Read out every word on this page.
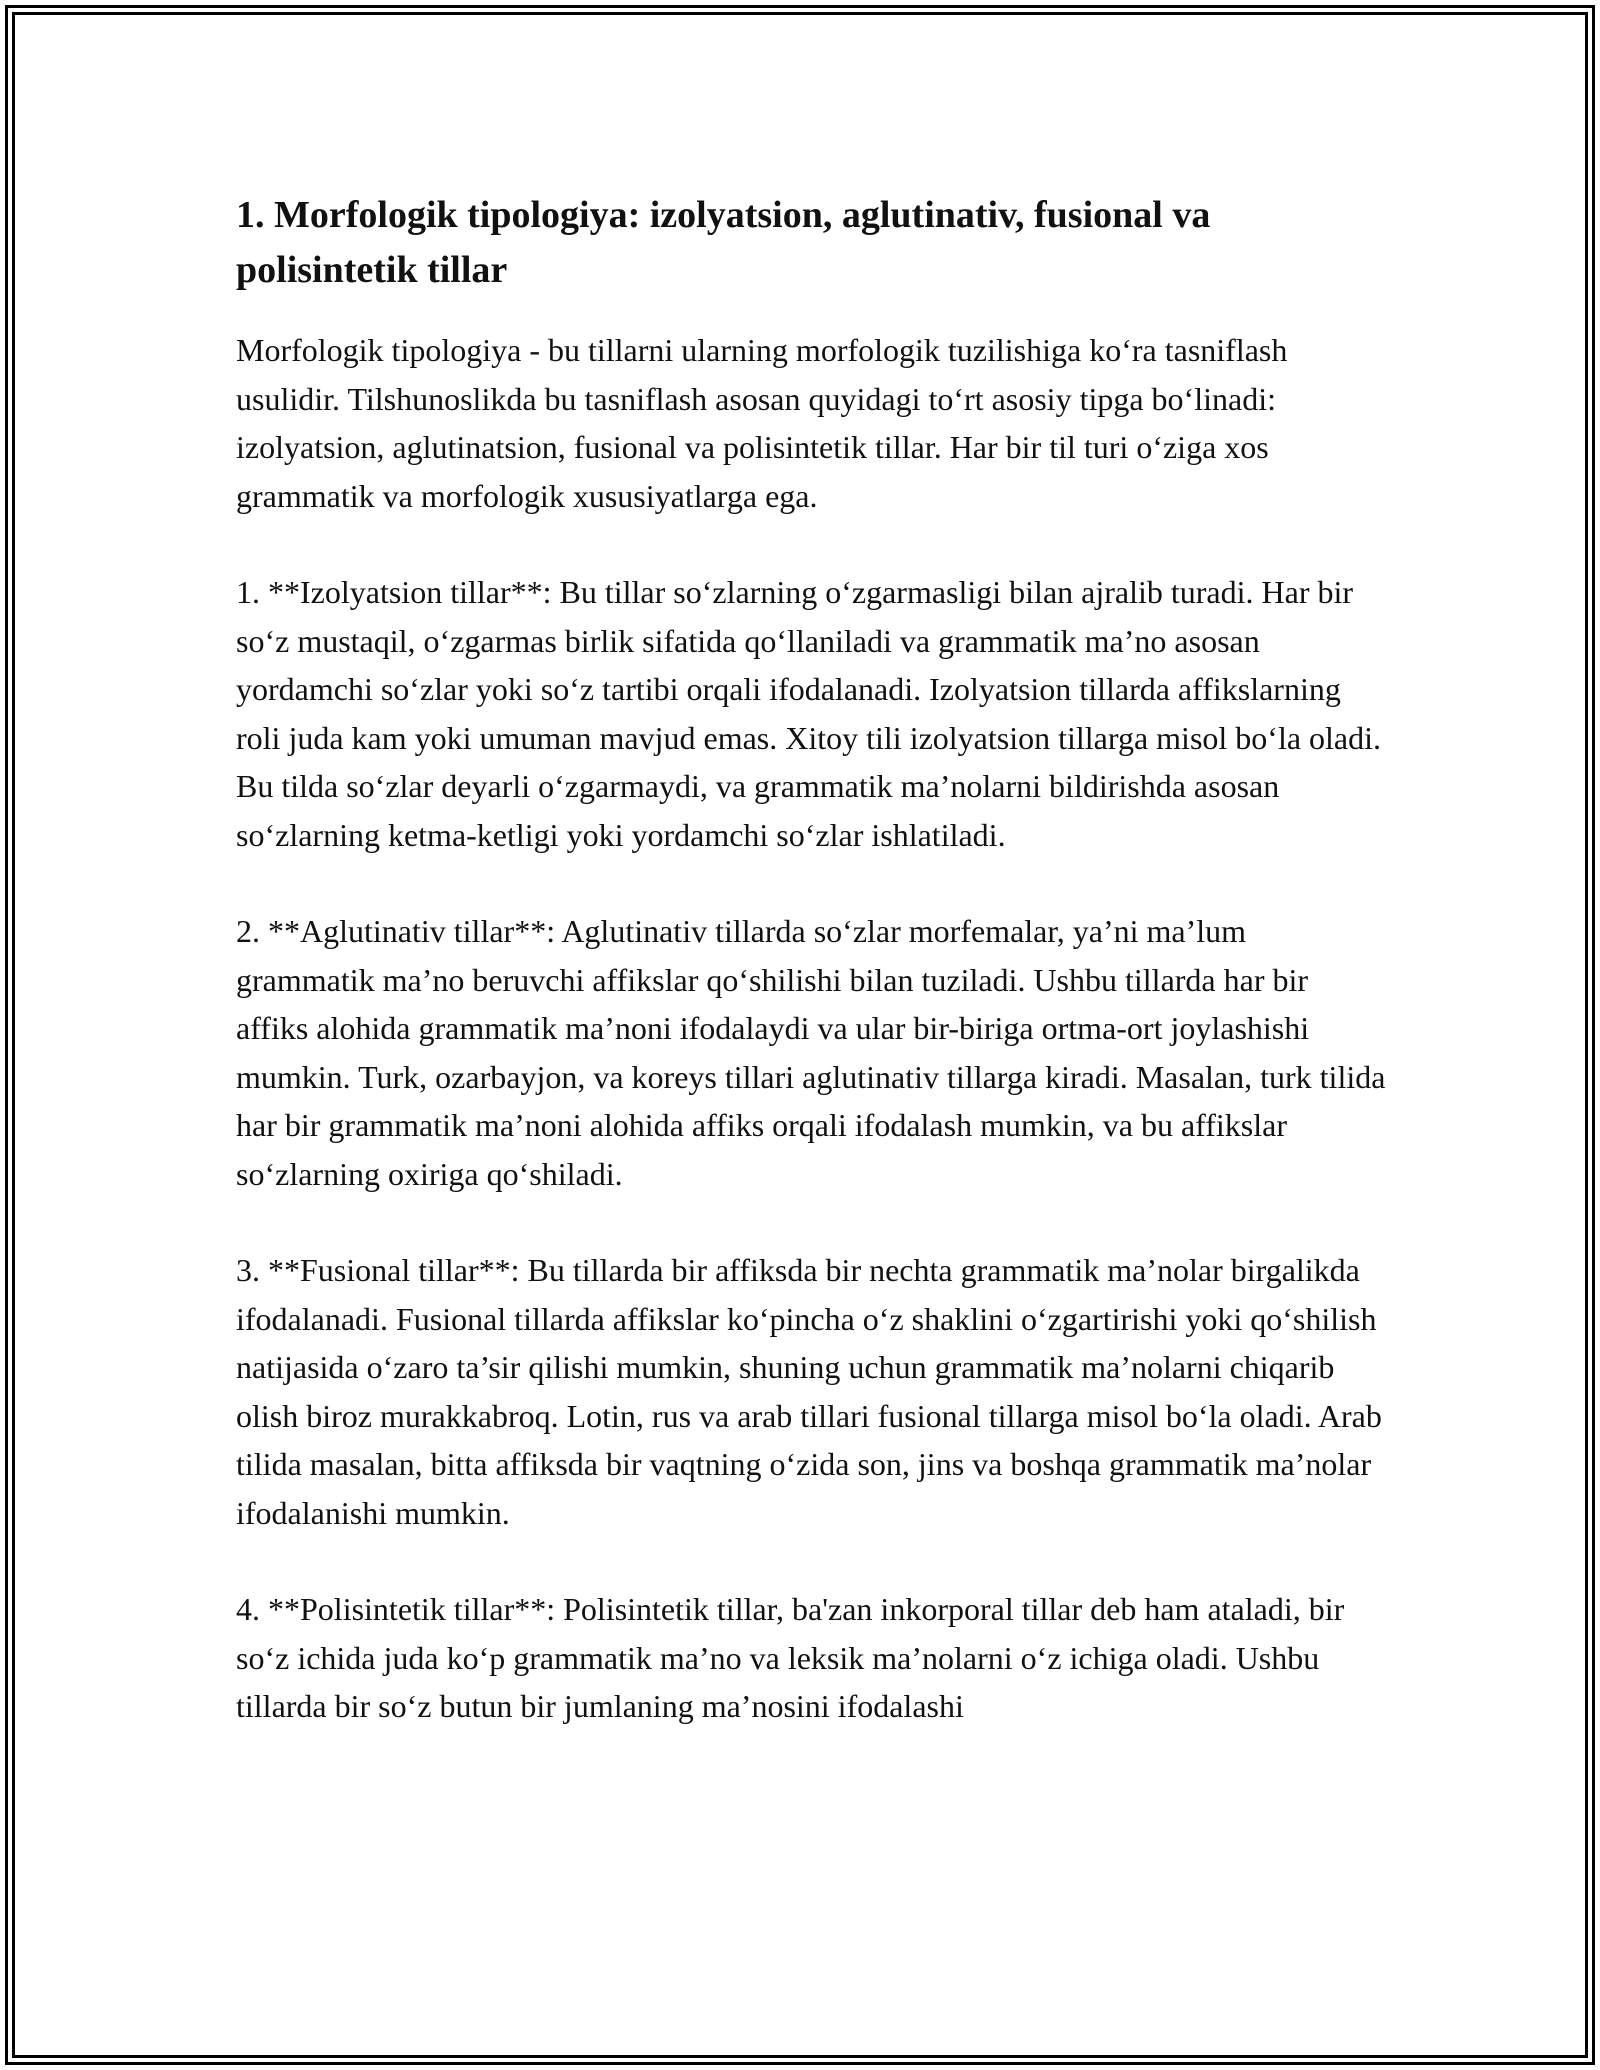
1. Morfologik tipologiya: izolyatsion, aglutinativ, fusional va polisintetik tillar

Morfologik tipologiya - bu tillarni ularning morfologik tuzilishiga ko‘ra tasniflash usulidir. Tilshunoslikda bu tasniflash asosan quyidagi to‘rt asosiy tipga bo‘linadi: izolyatsion, aglutinatsion, fusional va polisintetik tillar. Har bir til turi o‘ziga xos grammatik va morfologik xususiyatlarga ega.

1. **Izolyatsion tillar**: Bu tillar so‘zlarning o‘zgarmasligi bilan ajralib turadi. Har bir so‘z mustaqil, o‘zgarmas birlik sifatida qo‘llaniladi va grammatik ma’no asosan yordamchi so‘zlar yoki so‘z tartibi orqali ifodalanadi. Izolyatsion tillarda affikslarning roli juda kam yoki umuman mavjud emas. Xitoy tili izolyatsion tillarga misol bo‘la oladi. Bu tilda so‘zlar deyarli o‘zgarmaydi, va grammatik ma’nolarni bildirishda asosan so‘zlarning ketma-ketligi yoki yordamchi so‘zlar ishlatiladi.

2. **Aglutinativ tillar**: Aglutinativ tillarda so‘zlar morfemalar, ya’ni ma’lum grammatik ma’no beruvchi affikslar qo‘shilishi bilan tuziladi. Ushbu tillarda har bir affiks alohida grammatik ma’noni ifodalaydi va ular bir-biriga ortma-ort joylashishi mumkin. Turk, ozarbayjon, va koreys tillari aglutinativ tillarga kiradi. Masalan, turk tilida har bir grammatik ma’noni alohida affiks orqali ifodalash mumkin, va bu affikslar so‘zlarning oxiriga qo‘shiladi.

3. **Fusional tillar**: Bu tillarda bir affiksda bir nechta grammatik ma’nolar birgalikda ifodalanadi. Fusional tillarda affikslar ko‘pincha o‘z shaklini o‘zgartirishi yoki qo‘shilish natijasida o‘zaro ta’sir qilishi mumkin, shuning uchun grammatik ma’nolarni chiqarib olish biroz murakkabroq. Lotin, rus va arab tillari fusional tillarga misol bo‘la oladi. Arab tilida masalan, bitta affiksda bir vaqtning o‘zida son, jins va boshqa grammatik ma’nolar ifodalanishi mumkin.

4. **Polisintetik tillar**: Polisintetik tillar, ba'zan inkorporal tillar deb ham ataladi, bir so‘z ichida juda ko‘p grammatik ma’no va leksik ma’nolarni o‘z ichiga oladi. Ushbu tillarda bir so‘z butun bir jumlaning ma’nosini ifodalashi
